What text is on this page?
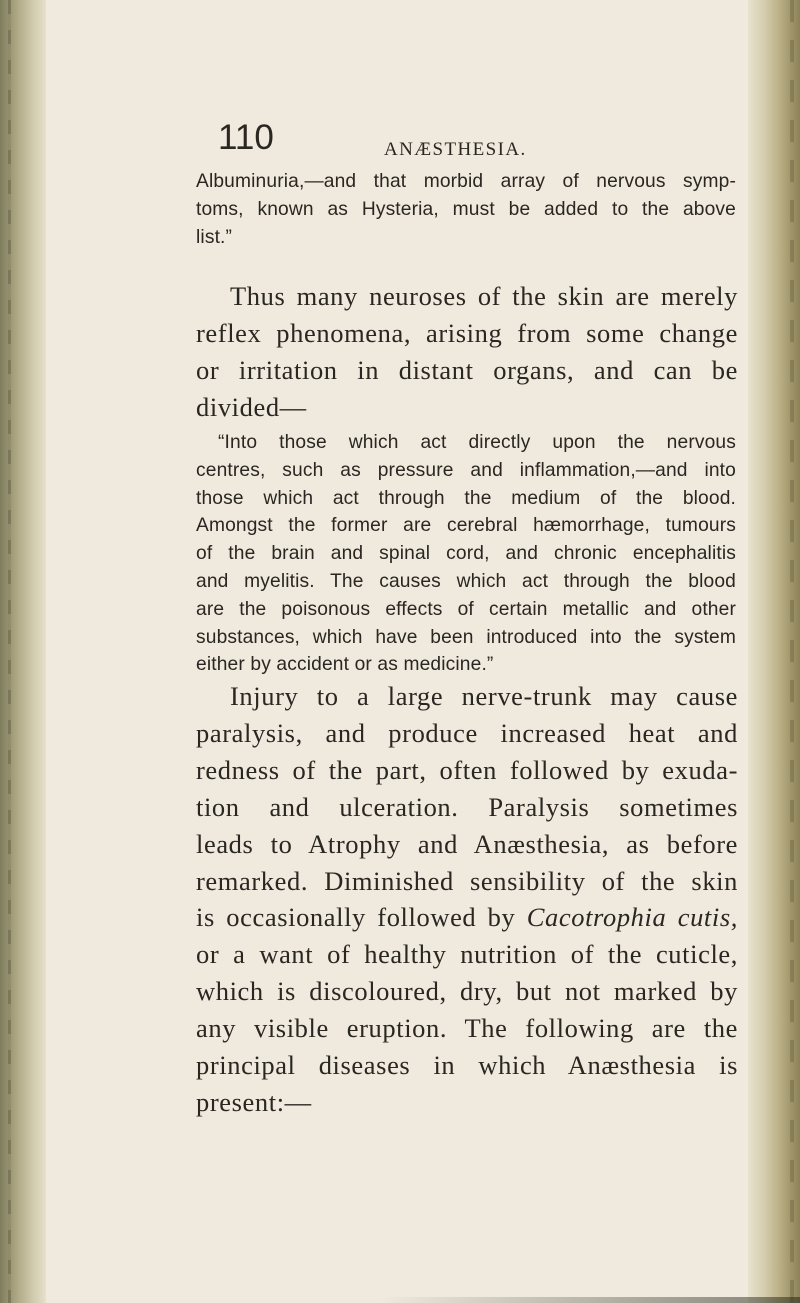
110	ANÆSTHESIA.

Albuminuria,—and that morbid array of nervous symp-
toms, known as Hysteria, must be added to the above
list.”

Thus many neuroses of the skin are merely
reflex phenomena, arising from some change
or irritation in distant organs, and can be
divided—

“Into those which act directly upon the nervous
centres, such as pressure and inflammation,—and into
those which act through the medium of the blood.
Amongst the former are cerebral hæmorrhage, tumours
of the brain and spinal cord, and chronic encephalitis
and myelitis. The causes which act through the blood
are the poisonous effects of certain metallic and other
substances, which have been introduced into the system
either by accident or as medicine.”

Injury to a large nerve-trunk may cause
paralysis, and produce increased heat and
redness of the part, often followed by exuda-
tion and ulceration. Paralysis sometimes
leads to Atrophy and Anæsthesia, as before
remarked. Diminished sensibility of the skin
is occasionally followed by Cacotrophia cutis,
or a want of healthy nutrition of the cuticle,
which is discoloured, dry, but not marked by
any visible eruption. The following are the
principal diseases in which Anæsthesia is
present:—
